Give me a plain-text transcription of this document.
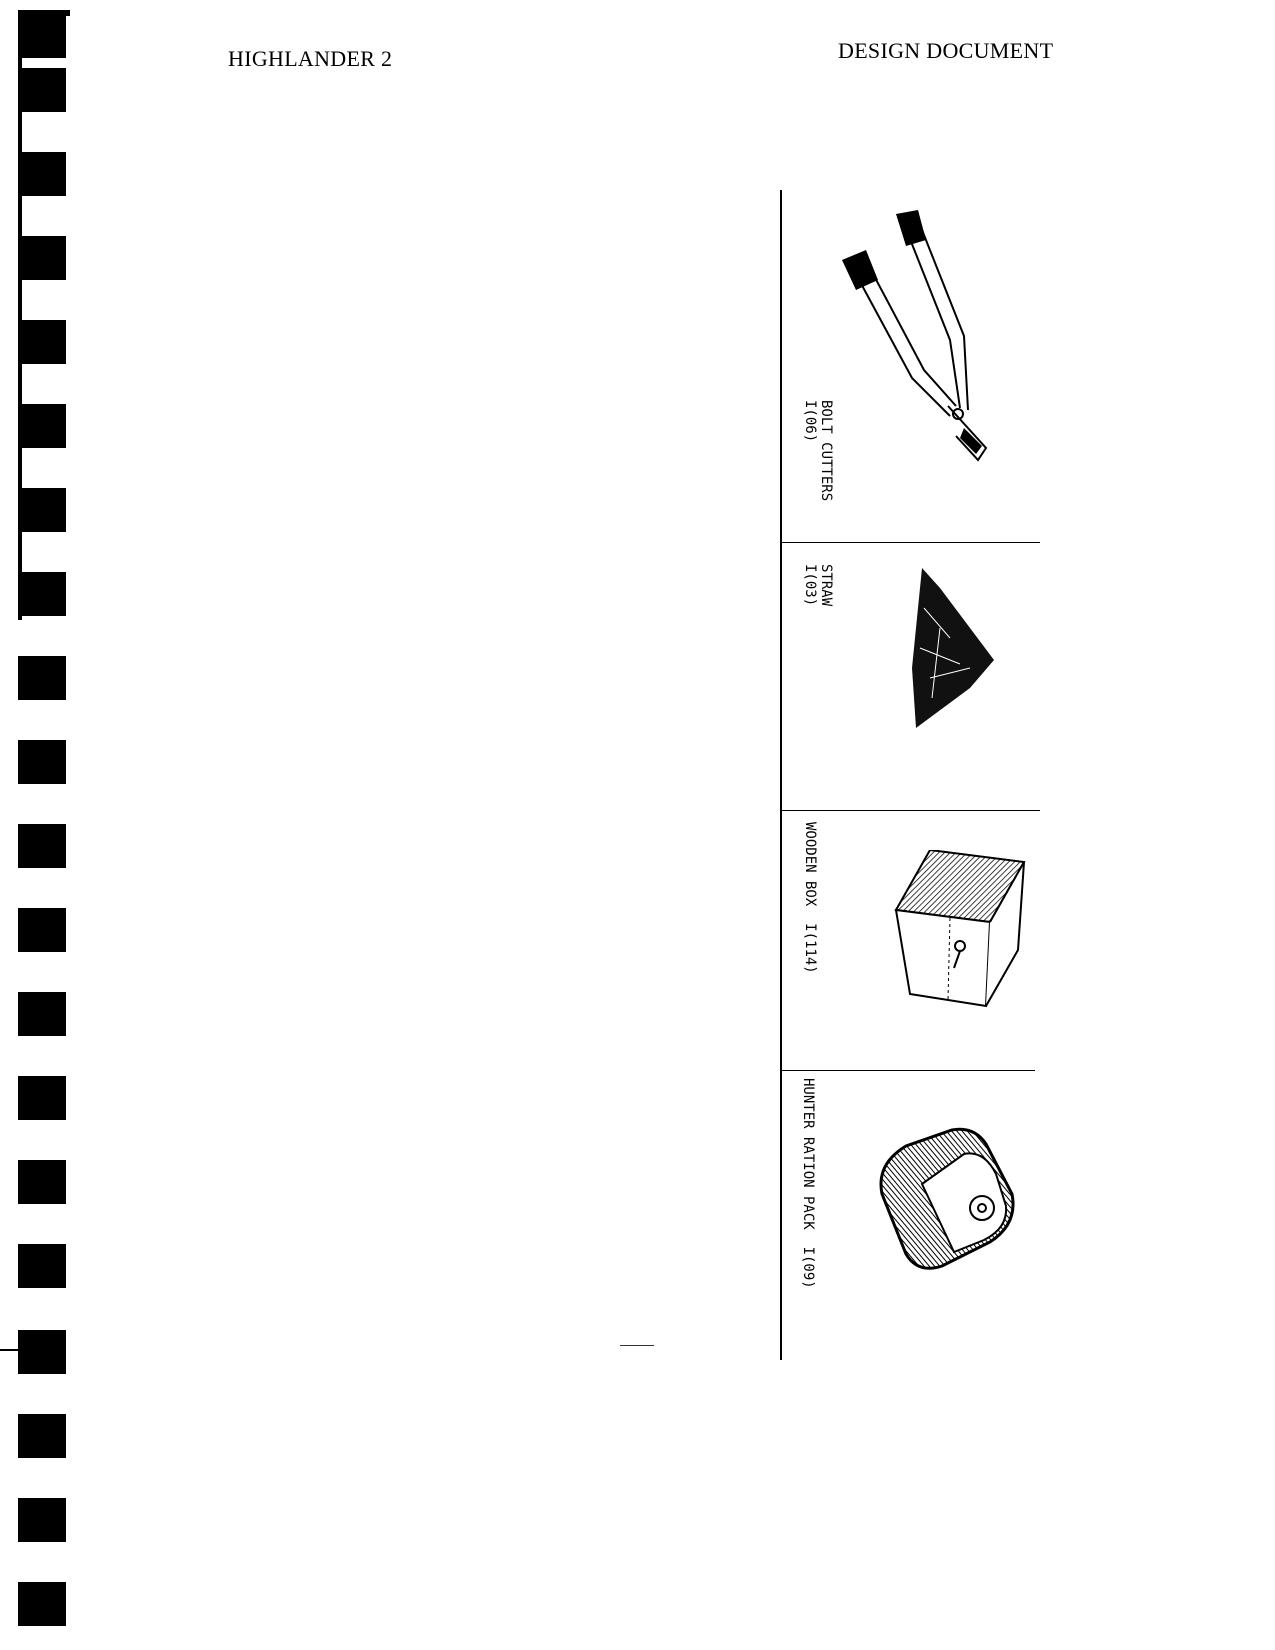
HIGHLANDER 2	DESIGN DOCUMENT
BOLT CUTTERS
I(06)
STRAW
I(03)
WOODEN BOX  I(114)
HUNTER RATION PACK  I(09)
